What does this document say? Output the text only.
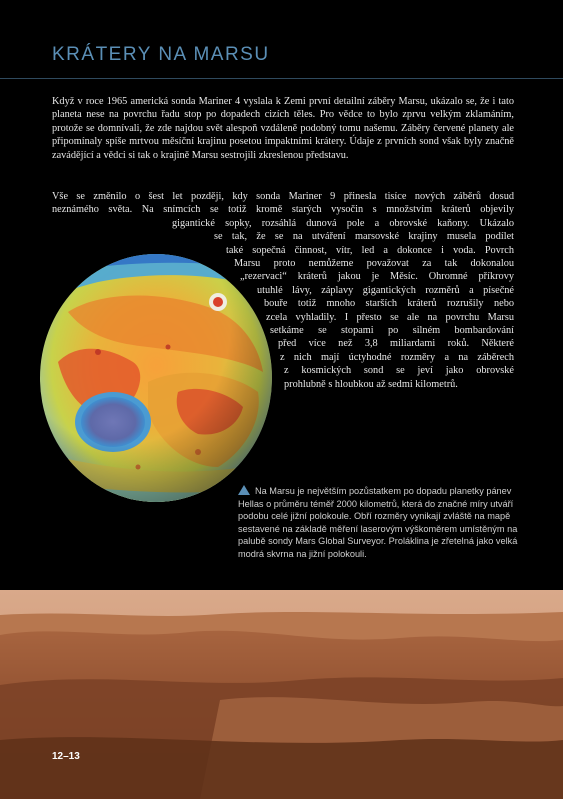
KRÁTERY NA MARSU

Když v roce 1965 americká sonda Mariner 4 vyslala k Zemi první detailní záběry Marsu, ukázalo se, že i tato planeta nese na povrchu řadu stop po dopadech cizích těles. Pro vědce to bylo zprvu velkým zklamáním, protože se domnívali, že zde najdou svět alespoň vzdáleně podobný tomu našemu. Záběry červené planety ale připomínaly spíše mrtvou měsíční krajinu posetou impaktními krátery. Údaje z prvních sond však byly značně zavádějící a vědci si tak o krajině Marsu sestrojili zkreslenou představu.

Vše se změnilo o šest let později, kdy sonda Mariner 9 přinesla tisíce nových záběrů dosud
neznámého světa. Na snímcích se totiž kromě starých vysočin s množstvím kráterů objevily
gigantické sopky, rozsáhlá dunová pole a obrovské kaňony. Ukázalo
se tak, že se na utváření marsovské krajiny musela podílet
také sopečná činnost, vítr, led a dokonce i voda. Povrch
Marsu proto nemůžeme považovat za tak dokonalou
„rezervaci“ kráterů jakou je Měsíc. Ohromné příkrovy
utuhlé lávy, záplavy gigantických rozměrů a písečné
bouře totiž mnoho starších kráterů rozrušily nebo
zcela vyhladily. I přesto se ale na povrchu Marsu
setkáme se stopami po silném bombardování
před více než 3,8 miliardami roků. Některé
z nich mají úctyhodné rozměry a na záběrech
z kosmických sond se jeví jako obrovské
prohlubně s hloubkou až sedmi kilometrů.

Na Marsu je největším pozůstatkem po dopadu planetky pánev Hellas o průměru téměř 2000 kilometrů, která do značné míry utváří podobu celé jižní polokoule. Obří rozměry vynikají zvláště na mapě sestavené na základě měření laserovým výškoměrem umístěným na palubě sondy Mars Global Surveyor. Proláklina je zřetelná jako velká modrá skvrna na jižní polokouli.

12–13
